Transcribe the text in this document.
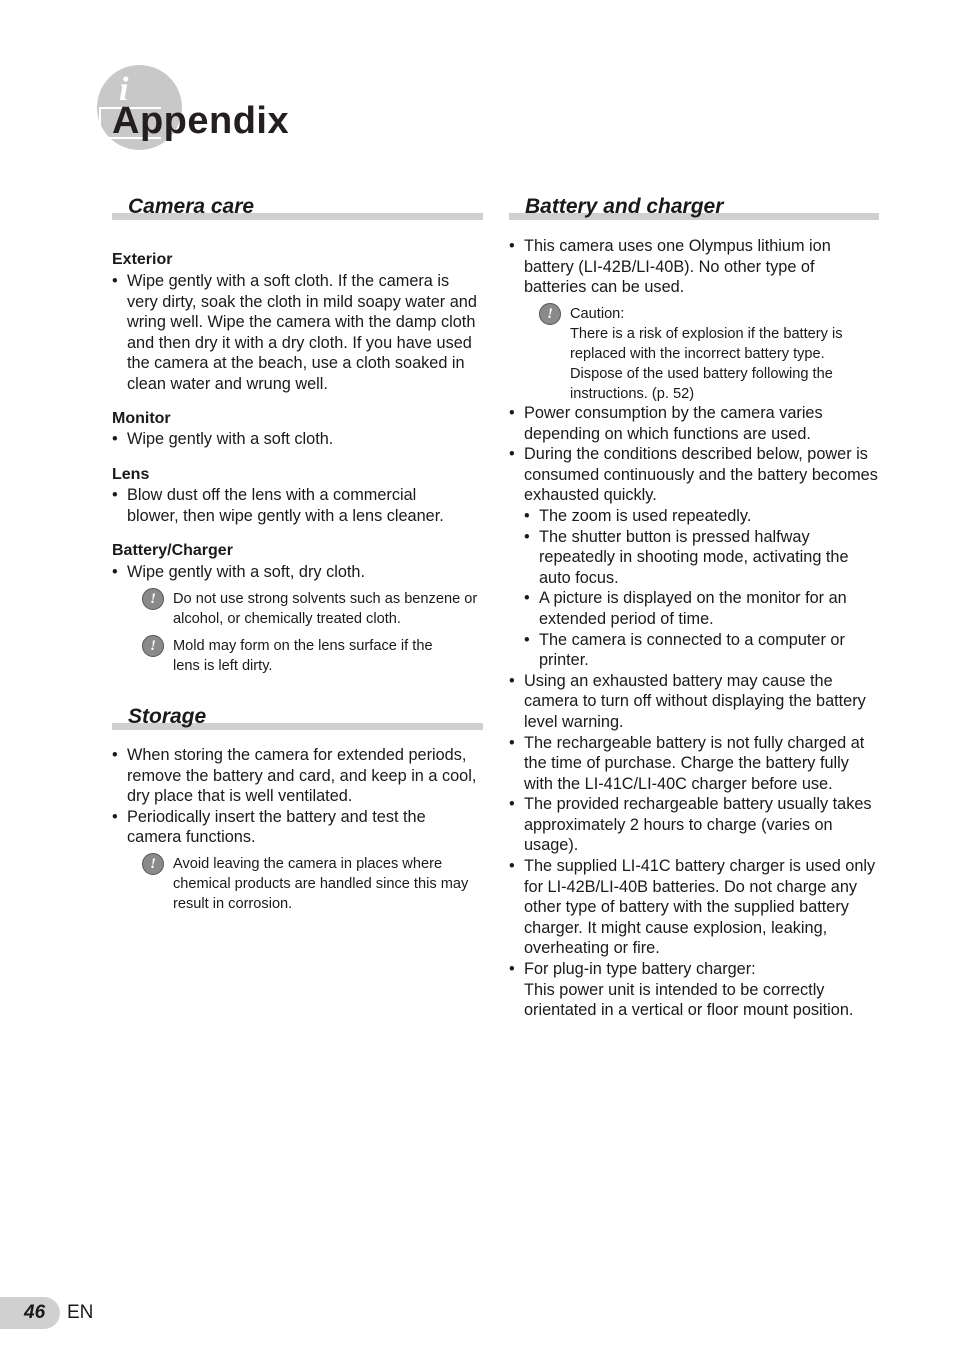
i
Appendix
Camera care

Exterior

• Wipe gently with a soft cloth. If the camera is very dirty, soak the cloth in mild soapy water and wring well. Wipe the camera with the damp cloth and then dry it with a dry cloth. If you have used the camera at the beach, use a cloth soaked in clean water and wrung well.

Monitor

• Wipe gently with a soft cloth.

Lens

• Blow dust off the lens with a commercial blower, then wipe gently with a lens cleaner.

Battery/Charger

• Wipe gently with a soft, dry cloth.
!	Do not use strong solvents such as benzene or alcohol, or chemically treated cloth.
!	Mold may form on the lens surface if the lens is left dirty.
Storage
• When storing the camera for extended periods, remove the battery and card, and keep in a cool, dry place that is well ventilated.
• Periodically insert the battery and test the camera functions.
!	Avoid leaving the camera in places where chemical products are handled since this may result in corrosion.
Battery and charger
• This camera uses one Olympus lithium ion battery (LI-42B/LI-40B). No other type of batteries can be used.
!	Caution:
There is a risk of explosion if the battery is replaced with the incorrect battery type. Dispose of the used battery following the instructions. (p. 52)
• Power consumption by the camera varies depending on which functions are used.
• During the conditions described below, power is consumed continuously and the battery becomes exhausted quickly.
• The zoom is used repeatedly.
• The shutter button is pressed halfway repeatedly in shooting mode, activating the auto focus.
• A picture is displayed on the monitor for an extended period of time.
• The camera is connected to a computer or printer.
• Using an exhausted battery may cause the camera to turn off without displaying the battery level warning.
• The rechargeable battery is not fully charged at the time of purchase. Charge the battery fully with the LI-41C/LI-40C charger before use.
• The provided rechargeable battery usually takes approximately 2 hours to charge (varies on usage).
• The supplied LI-41C battery charger is used only for LI-42B/LI-40B batteries. Do not charge any other type of battery with the supplied battery charger. It might cause explosion, leaking, overheating or fire.
• For plug-in type battery charger:
This power unit is intended to be correctly orientated in a vertical or floor mount position.
46 EN
